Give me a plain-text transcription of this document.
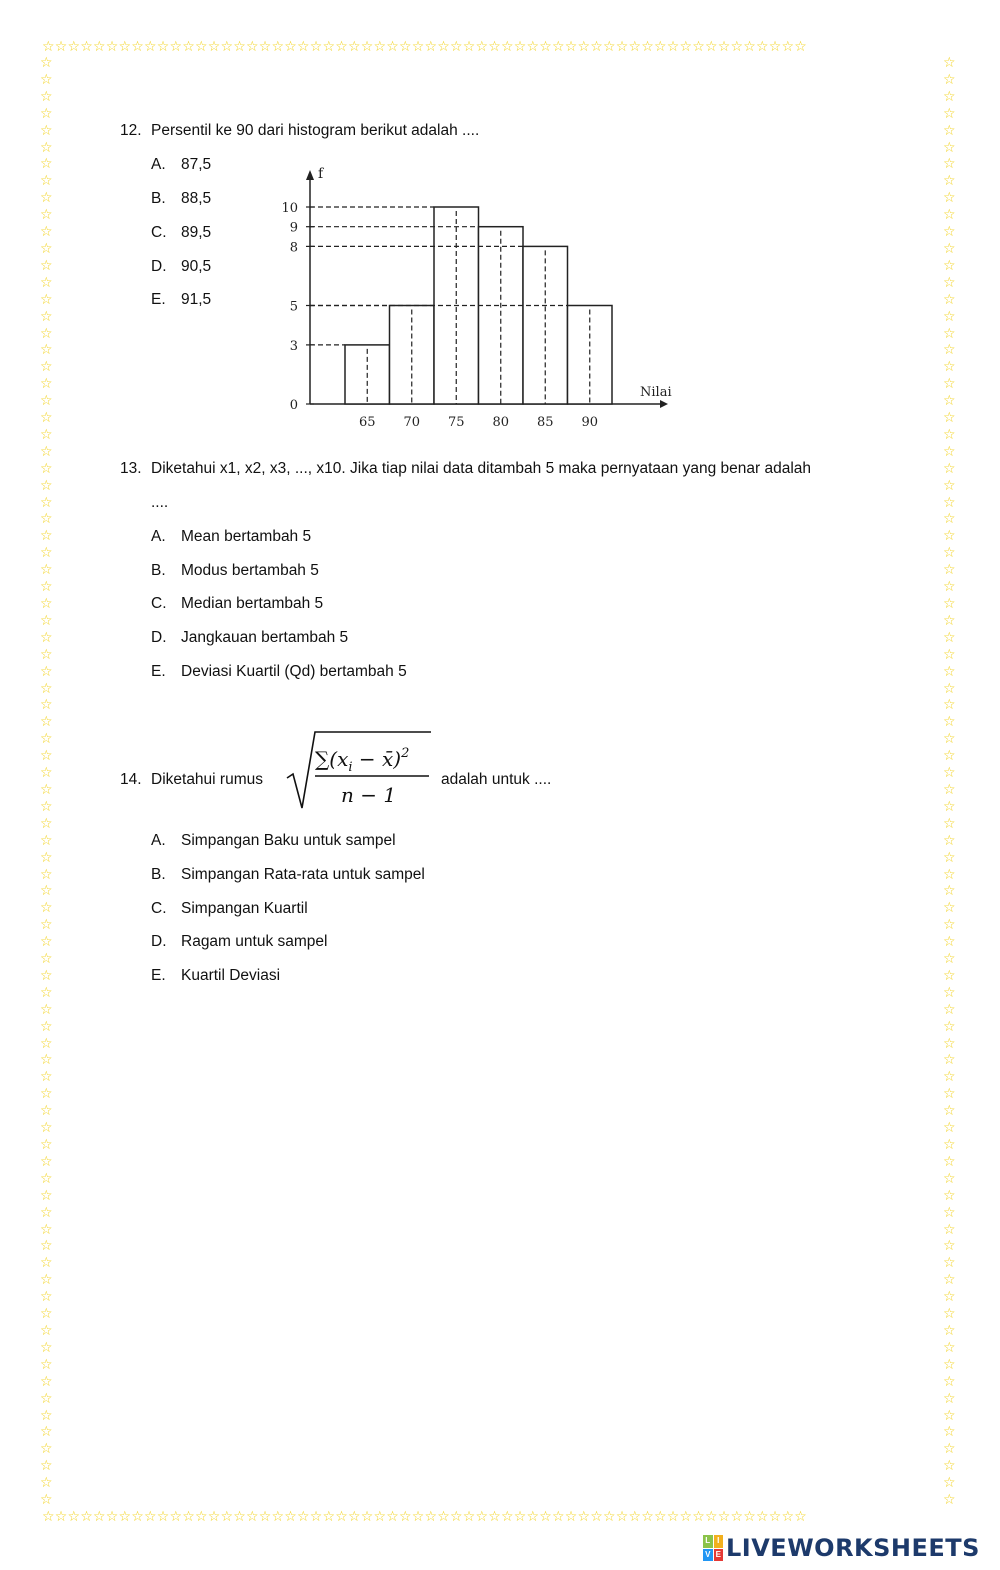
☆☆☆☆☆☆☆☆☆☆☆☆☆☆☆☆☆☆☆☆☆☆☆☆☆☆☆☆☆☆☆☆☆☆☆☆☆☆☆☆☆☆☆☆☆☆☆☆☆☆☆☆☆☆☆☆☆☆☆☆
☆☆☆☆☆☆☆☆☆☆☆☆☆☆☆☆☆☆☆☆☆☆☆☆☆☆☆☆☆☆☆☆☆☆☆☆☆☆☆☆☆☆☆☆☆☆☆☆☆☆☆☆☆☆☆☆☆☆☆☆
☆
☆
☆
☆
☆
☆
☆
☆
☆
☆
☆
☆
☆
☆
☆
☆
☆
☆
☆
☆
☆
☆
☆
☆
☆
☆
☆
☆
☆
☆
☆
☆
☆
☆
☆
☆
☆
☆
☆
☆
☆
☆
☆
☆
☆
☆
☆
☆
☆
☆
☆
☆
☆
☆
☆
☆
☆
☆
☆
☆
☆
☆
☆
☆
☆
☆
☆
☆
☆
☆
☆
☆
☆
☆
☆
☆
☆
☆
☆
☆
☆
☆
☆
☆
☆
☆
☆
☆
☆
☆
☆
☆
☆
☆
☆
☆
☆
☆
☆
☆
☆
☆
☆
☆
☆
☆
☆
☆
☆
☆
☆
☆
☆
☆
☆
☆
☆
☆
☆
☆
☆
☆
☆
☆
☆
☆
☆
☆
☆
☆
☆
☆
☆
☆
☆
☆
☆
☆
☆
☆
☆
☆
☆
☆
☆
☆
☆
☆
☆
☆
☆
☆
☆
☆
☆
☆
☆
☆
☆
☆
☆
☆
☆
☆
☆
☆
☆
☆
☆
☆
☆
☆
12. Persentil ke 90 dari histogram berikut adalah ....
A. 87,5
B. 88,5
C. 89,5
D. 90,5
E. 91,5
f
Nilai
0
3
5
8
9
10
65 70 75 80 85 90
13. Diketahui x1, x2, x3, ..., x10. Jika tiap nilai data ditambah 5 maka pernyataan yang benar adalah
....
A. Mean bertambah 5
B. Modus bertambah 5
C. Median bertambah 5
D. Jangkauan bertambah 5
E. Deviasi Kuartil (Qd) bertambah 5
14. Diketahui rumus
$\sum(x_i$ − x̄)$^2$
n − 1
adalah untuk ....
A. Simpangan Baku untuk sampel
B. Simpangan Rata-rata untuk sampel
C. Simpangan Kuartil
D. Ragam untuk sampel
E. Kuartil Deviasi
L I
V E LIVEWORKSHEETS
